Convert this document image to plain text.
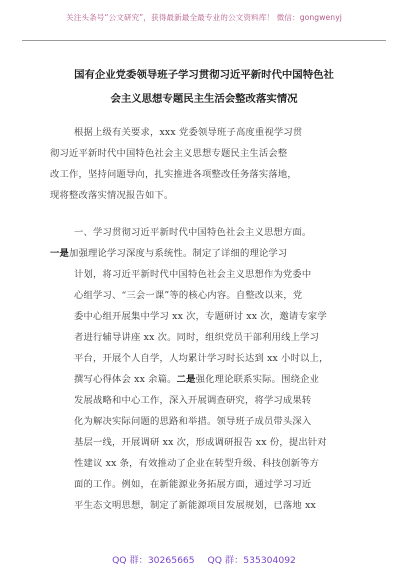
关注头条号“公文研究”，获得最新最全最专业的公文资料库！ 微信：gongwenyj
国有企业党委领导班子学习贯彻习近平新时代中国特色社
会主义思想专题民主生活会整改落实情况
根据上级有关要求，xxx 党委领导班子高度重视学习贯
彻习近平新时代中国特色社会主义思想专题民主生活会整
改工作，坚持问题导向，扎实推进各项整改任务落实落地，
现将整改落实情况报告如下。
一、学习贯彻习近平新时代中国特色社会主义思想方面。
一是加强理论学习深度与系统性。制定了详细的理论学习
计划，将习近平新时代中国特色社会主义思想作为党委中
心组学习、“三会一课”等的核心内容。自整改以来，党
委中心组开展集中学习 xx 次，专题研讨 xx 次，邀请专家学
者进行辅导讲座 xx 次。同时，组织党员干部利用线上学习
平台，开展个人自学，人均累计学习时长达到 xx 小时以上，
撰写心得体会 xx 余篇。二是强化理论联系实际。围绕企业
发展战略和中心工作，深入开展调查研究，将学习成果转
化为解决实际问题的思路和举措。领导班子成员带头深入
基层一线，开展调研 xx 次，形成调研报告 xx 份，提出针对
性建议 xx 条，有效推动了企业在转型升级、科技创新等方
面的工作。例如，在新能源业务拓展方面，通过学习习近
平生态文明思想，制定了新能源项目发展规划，已落地 xx
QQ 群：30265665 QQ 群：535304092
